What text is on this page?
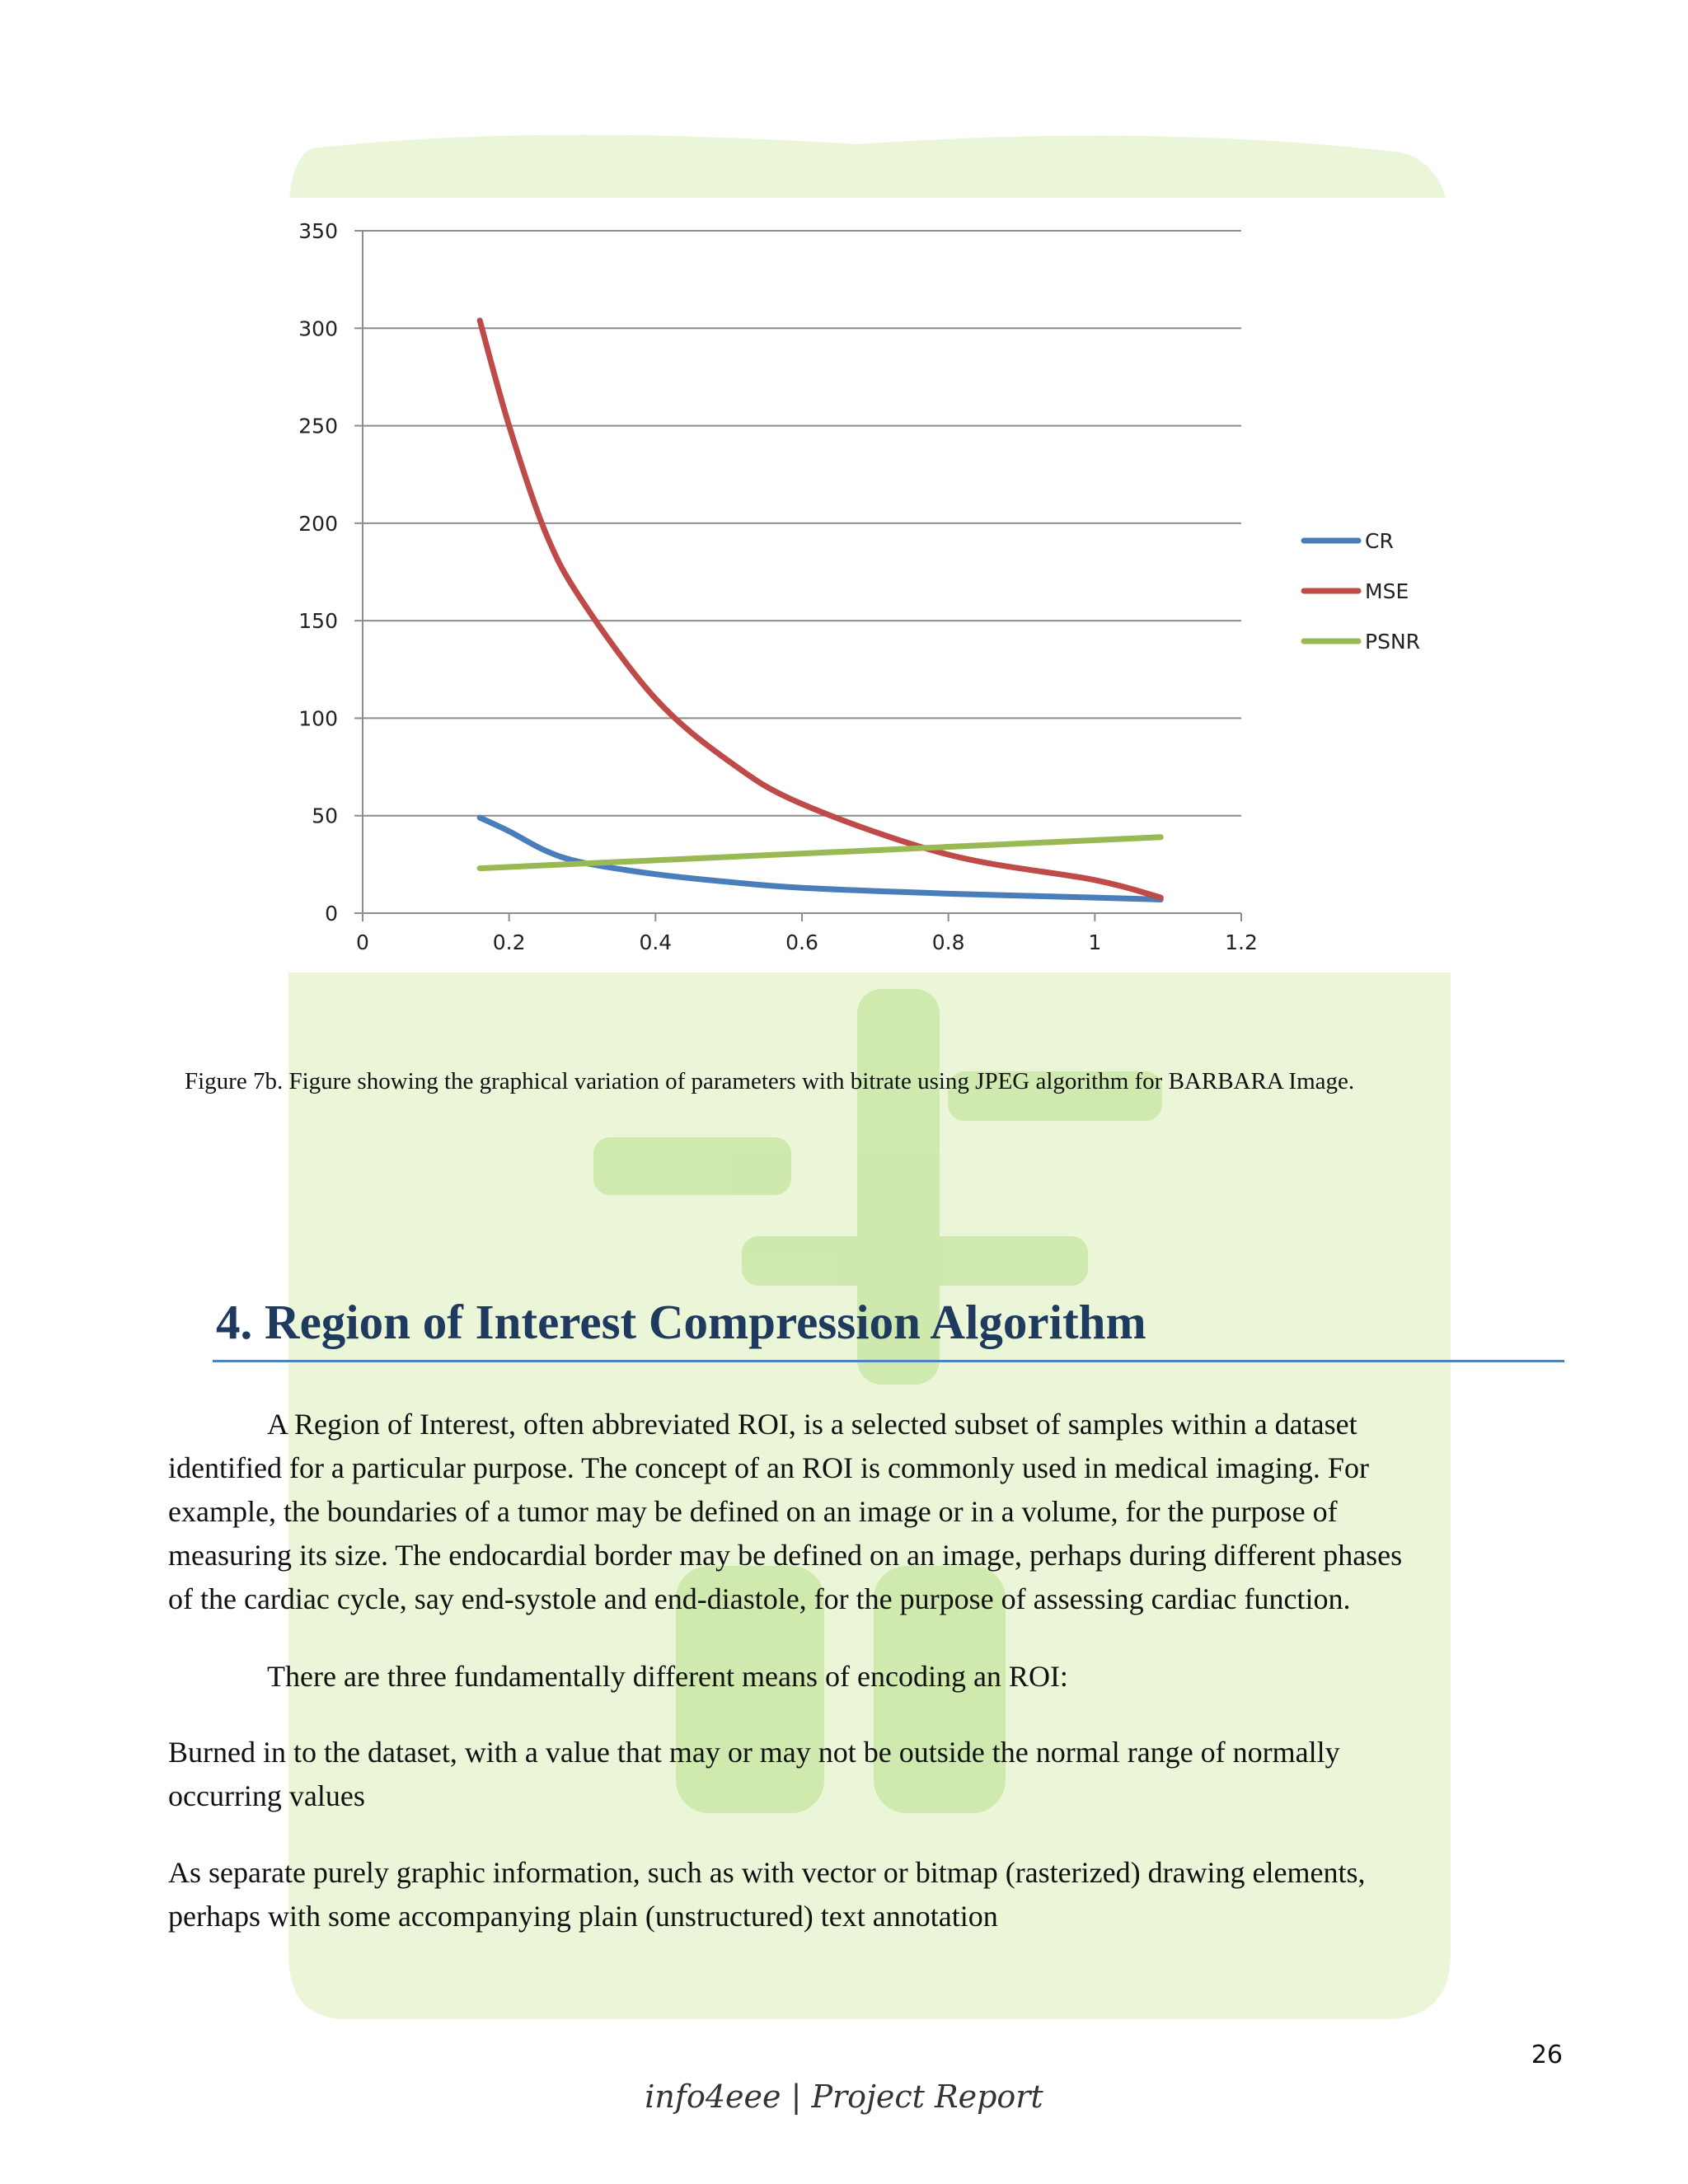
0	0.2	0.4	0.6	0.8	1	1.2
0
50
100
150
200
250
300
350
CR
MSE
PSNR

Figure 7b. Figure showing the graphical variation of parameters with bitrate using JPEG algorithm for BARBARA Image.

4. Region of Interest Compression Algorithm
A Region of Interest, often abbreviated ROI, is a selected subset of samples within a dataset
identified for a particular purpose. The concept of an ROI is commonly used in medical imaging. For
example, the boundaries of a tumor may be defined on an image or in a volume, for the purpose of
measuring its size. The endocardial border may be defined on an image, perhaps during different phases
of the cardiac cycle, say end-systole and end-diastole, for the purpose of assessing cardiac function.
There are three fundamentally different means of encoding an ROI:
Burned in to the dataset, with a value that may or may not be outside the normal range of normally
occurring values
As separate purely graphic information, such as with vector or bitmap (rasterized) drawing elements,
perhaps with some accompanying plain (unstructured) text annotation

26

info4eee | Project Report
